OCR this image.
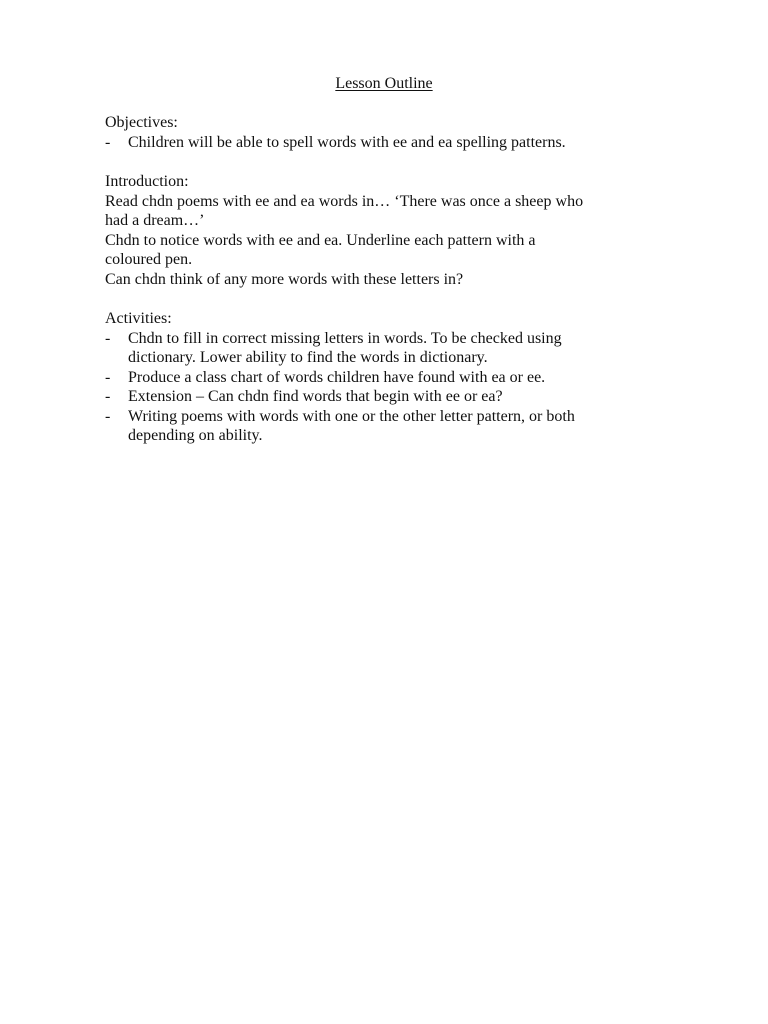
Lesson Outline
Objectives:
-	Children will be able to spell words with ee and ea spelling patterns.
Introduction:
Read chdn poems with ee and ea words in… ‘There was once a sheep who
had a dream…’
Chdn to notice words with ee and ea. Underline each pattern with a
coloured pen.
Can chdn think of any more words with these letters in?
Activities:
-	Chdn to fill in correct missing letters in words. To be checked using
dictionary. Lower ability to find the words in dictionary.
-	Produce a class chart of words children have found with ea or ee.
-	Extension – Can chdn find words that begin with ee or ea?
-	Writing poems with words with one or the other letter pattern, or both
depending on ability.
